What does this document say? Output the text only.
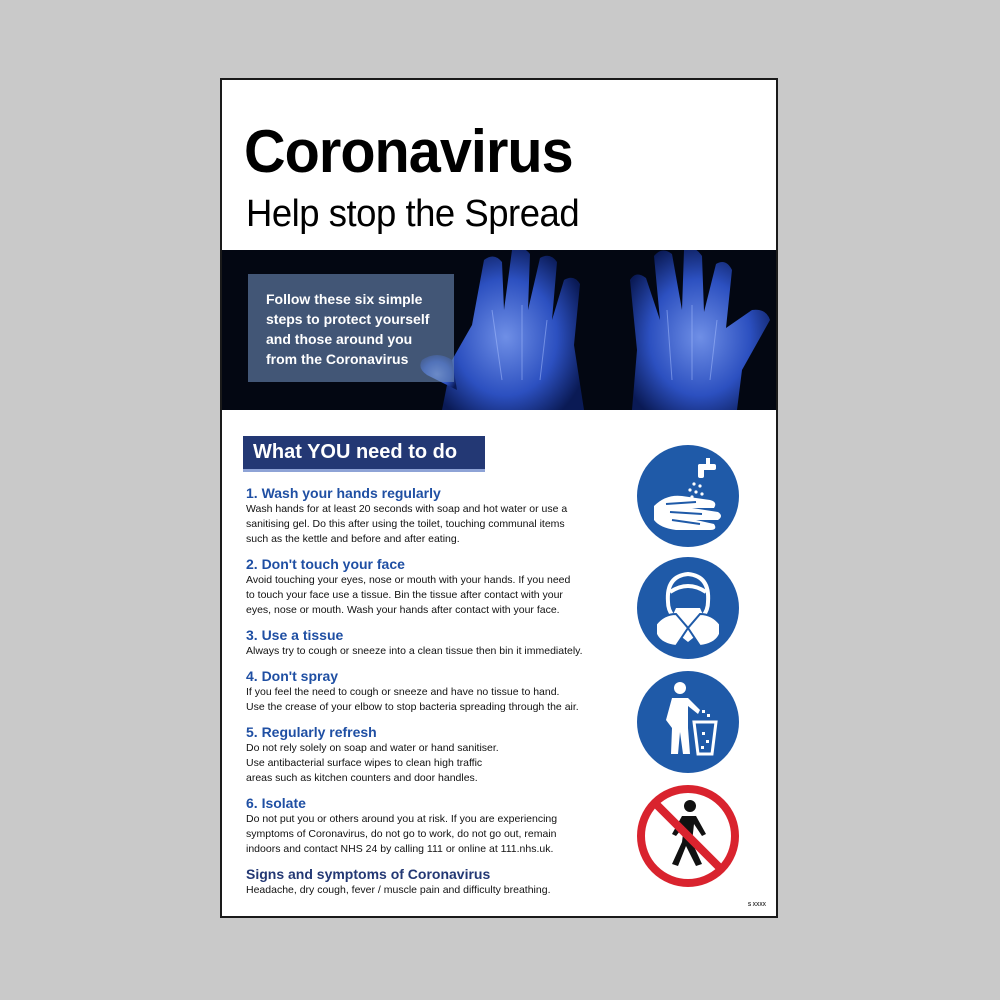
Coronavirus
Help stop the Spread
Follow these six simple
steps to protect yourself
and those around you
from the Coronavirus
What YOU need to do
1. Wash your hands regularly
Wash hands for at least 20 seconds with soap and hot water or use a
sanitising gel. Do this after using the toilet, touching communal items
such as the kettle and before and after eating.
2. Don't touch your face
Avoid touching your eyes, nose or mouth with your hands. If you need
to touch your face use a tissue. Bin the tissue after contact with your
eyes, nose or mouth. Wash your hands after contact with your face.
3. Use a tissue
Always try to cough or sneeze into a clean tissue then bin it immediately.
4. Don't spray
If you feel the need to cough or sneeze and have no tissue to hand.
Use the crease of your elbow to stop bacteria spreading through the air.
5. Regularly refresh
Do not rely solely on soap and water or hand sanitiser.
Use antibacterial surface wipes to clean high traffic
areas such as kitchen counters and door handles.
6. Isolate
Do not put you or others around you at risk. If you are experiencing
symptoms of Coronavirus, do not go to work, do not go out, remain
indoors and contact NHS 24 by calling 111 or online at 111.nhs.uk.
Signs and symptoms of Coronavirus
Headache, dry cough, fever / muscle pain and difficulty breathing.
S XXXX
